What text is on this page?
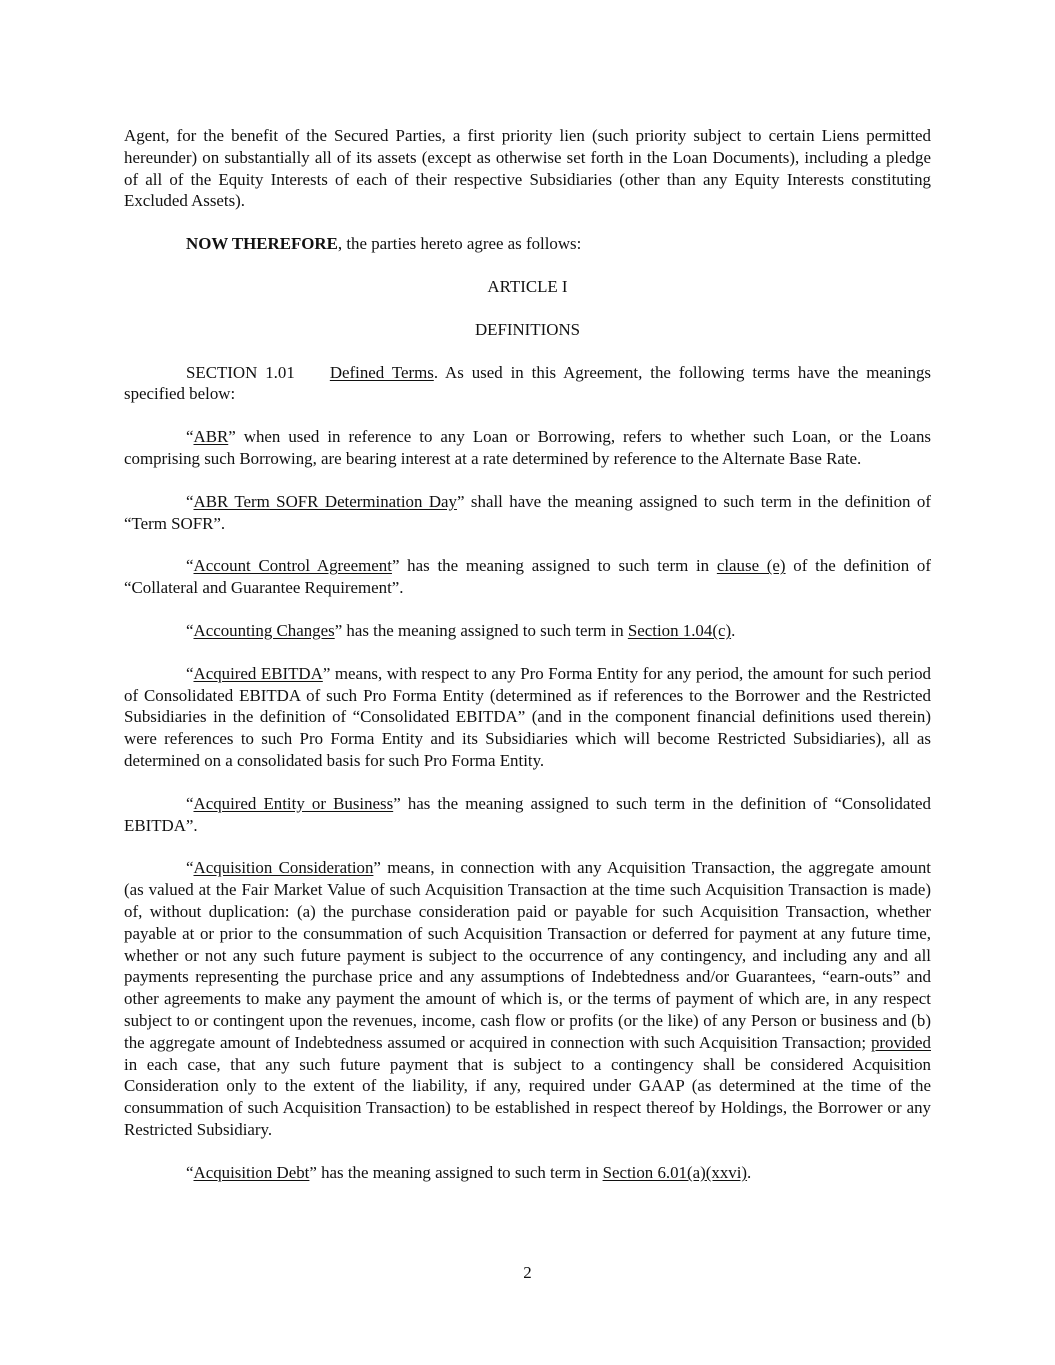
Agent, for the benefit of the Secured Parties, a first priority lien (such priority subject to certain Liens permitted hereunder) on substantially all of its assets (except as otherwise set forth in the Loan Documents), including a pledge of all of the Equity Interests of each of their respective Subsidiaries (other than any Equity Interests constituting Excluded Assets).

NOW THEREFORE, the parties hereto agree as follows:

ARTICLE I

DEFINITIONS

SECTION 1.01 Defined Terms. As used in this Agreement, the following terms have the meanings specified below:

“ABR” when used in reference to any Loan or Borrowing, refers to whether such Loan, or the Loans comprising such Borrowing, are bearing interest at a rate determined by reference to the Alternate Base Rate.

“ABR Term SOFR Determination Day” shall have the meaning assigned to such term in the definition of “Term SOFR”.

“Account Control Agreement” has the meaning assigned to such term in clause (e) of the definition of “Collateral and Guarantee Requirement”.

“Accounting Changes” has the meaning assigned to such term in Section 1.04(c).

“Acquired EBITDA” means, with respect to any Pro Forma Entity for any period, the amount for such period of Consolidated EBITDA of such Pro Forma Entity (determined as if references to the Borrower and the Restricted Subsidiaries in the definition of “Consolidated EBITDA” (and in the component financial definitions used therein) were references to such Pro Forma Entity and its Subsidiaries which will become Restricted Subsidiaries), all as determined on a consolidated basis for such Pro Forma Entity.

“Acquired Entity or Business” has the meaning assigned to such term in the definition of “Consolidated EBITDA”.

“Acquisition Consideration” means, in connection with any Acquisition Transaction, the aggregate amount (as valued at the Fair Market Value of such Acquisition Transaction at the time such Acquisition Transaction is made) of, without duplication: (a) the purchase consideration paid or payable for such Acquisition Transaction, whether payable at or prior to the consummation of such Acquisition Transaction or deferred for payment at any future time, whether or not any such future payment is subject to the occurrence of any contingency, and including any and all payments representing the purchase price and any assumptions of Indebtedness and/or Guarantees, “earn-outs” and other agreements to make any payment the amount of which is, or the terms of payment of which are, in any respect subject to or contingent upon the revenues, income, cash flow or profits (or the like) of any Person or business and (b) the aggregate amount of Indebtedness assumed or acquired in connection with such Acquisition Transaction; provided in each case, that any such future payment that is subject to a contingency shall be considered Acquisition Consideration only to the extent of the liability, if any, required under GAAP (as determined at the time of the consummation of such Acquisition Transaction) to be established in respect thereof by Holdings, the Borrower or any Restricted Subsidiary.

“Acquisition Debt” has the meaning assigned to such term in Section 6.01(a)(xxvi).

2
